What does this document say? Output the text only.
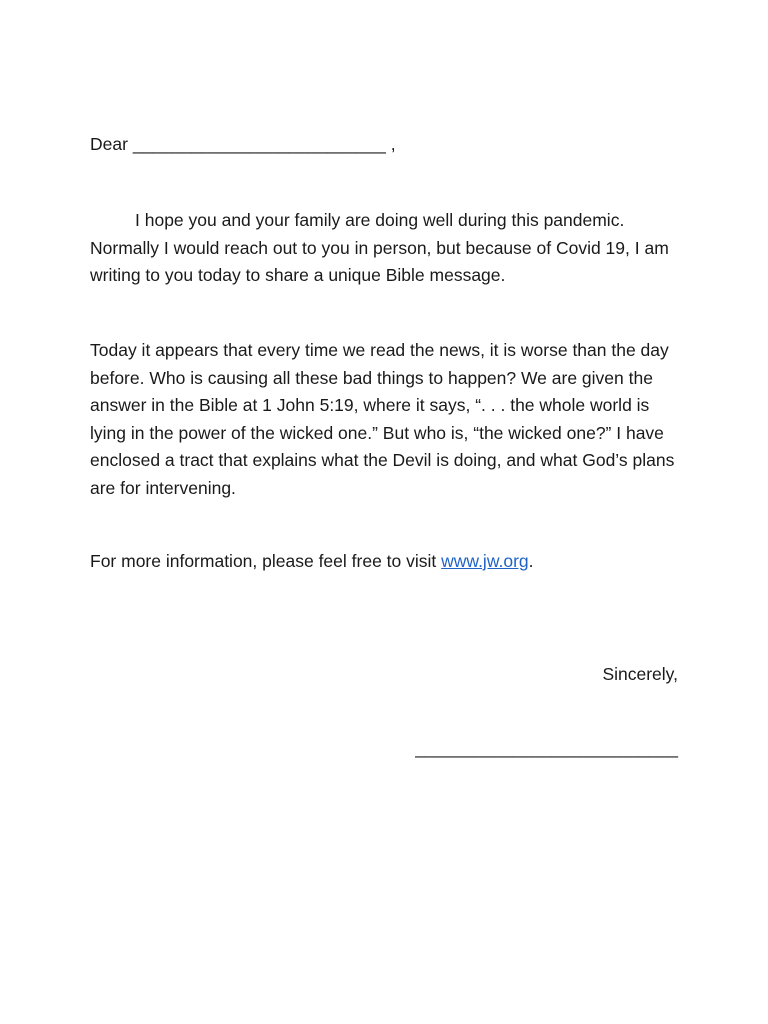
Dear __________________________ ,

I hope you and your family are doing well during this pandemic. Normally I would reach out to you in person, but because of Covid 19, I am writing to you today to share a unique Bible message.

Today it appears that every time we read the news, it is worse than the day before. Who is causing all these bad things to happen? We are given the answer in the Bible at 1 John 5:19, where it says, “. . . the whole world is lying in the power of the wicked one.” But who is, “the wicked one?” I have enclosed a tract that explains what the Devil is doing, and what God’s plans are for intervening.

For more information, please feel free to visit www.jw.org.

Sincerely,
___________________________
